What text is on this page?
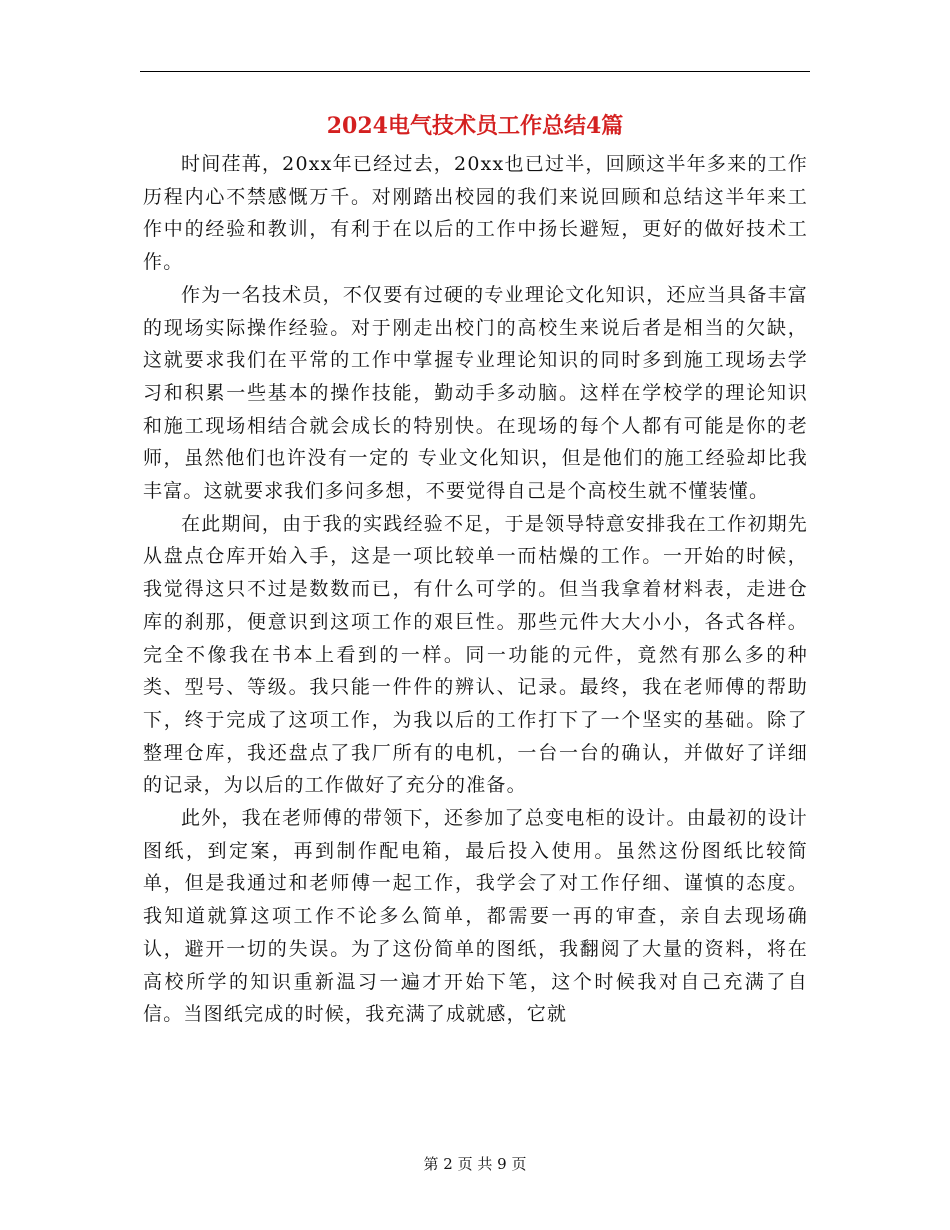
2024电气技术员工作总结4篇

时间荏苒，20xx年已经过去，20xx也已过半，回顾这半年多来的工作历程内心不禁感慨万千。对刚踏出校园的我们来说回顾和总结这半年来工作中的经验和教训，有利于在以后的工作中扬长避短，更好的做好技术工作。

作为一名技术员，不仅要有过硬的专业理论文化知识，还应当具备丰富的现场实际操作经验。对于刚走出校门的高校生来说后者是相当的欠缺，这就要求我们在平常的工作中掌握专业理论知识的同时多到施工现场去学习和积累一些基本的操作技能，勤动手多动脑。这样在学校学的理论知识和施工现场相结合就会成长的特别快。在现场的每个人都有可能是你的老师，虽然他们也许没有一定的 专业文化知识，但是他们的施工经验却比我丰富。这就要求我们多问多想，不要觉得自己是个高校生就不懂装懂。

在此期间，由于我的实践经验不足，于是领导特意安排我在工作初期先从盘点仓库开始入手，这是一项比较单一而枯燥的工作。一开始的时候，我觉得这只不过是数数而已，有什么可学的。但当我拿着材料表，走进仓库的刹那，便意识到这项工作的艰巨性。那些元件大大小小，各式各样。完全不像我在书本上看到的一样。同一功能的元件，竟然有那么多的种类、型号、等级。我只能一件件的辨认、记录。最终，我在老师傅的帮助下，终于完成了这项工作，为我以后的工作打下了一个坚实的基础。除了整理仓库，我还盘点了我厂所有的电机，一台一台的确认，并做好了详细的记录，为以后的工作做好了充分的准备。

此外，我在老师傅的带领下，还参加了总变电柜的设计。由最初的设计图纸，到定案，再到制作配电箱，最后投入使用。虽然这份图纸比较简单，但是我通过和老师傅一起工作，我学会了对工作仔细、谨慎的态度。我知道就算这项工作不论多么简单，都需要一再的审查，亲自去现场确认，避开一切的失误。为了这份简单的图纸，我翻阅了大量的资料，将在高校所学的知识重新温习一遍才开始下笔，这个时候我对自己充满了自信。当图纸完成的时候，我充满了成就感，它就

第 2 页 共 9 页
